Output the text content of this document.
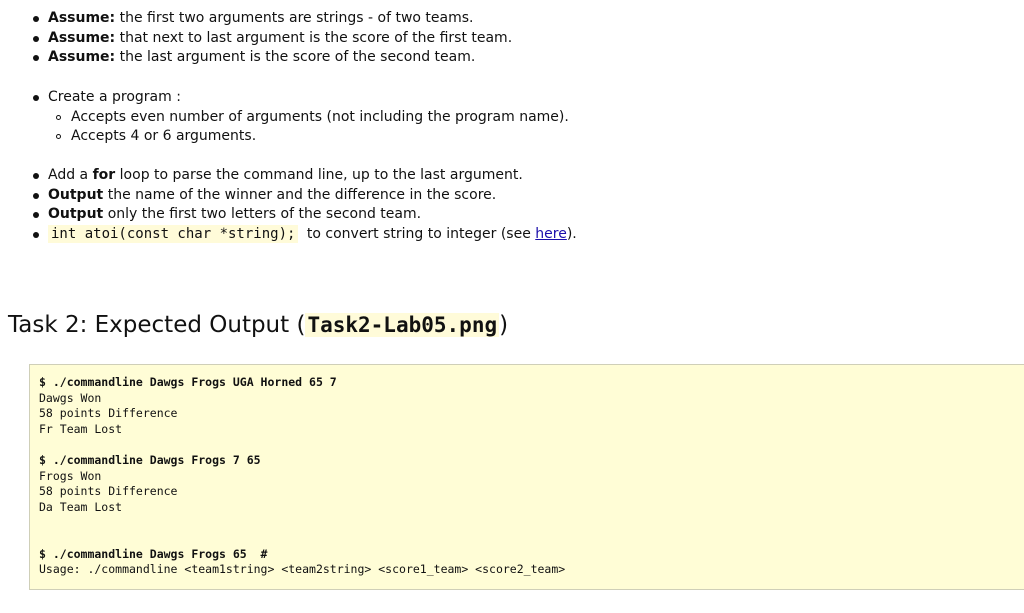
Assume: the first two arguments are strings - of two teams.
Assume: that next to last argument is the score of the first team.
Assume: the last argument is the score of the second team.
Create a program :
Accepts even number of arguments (not including the program name).
Accepts 4 or 6 arguments.
Add a for loop to parse the command line, up to the last argument.
Output the name of the winner and the difference in the score.
Output only the first two letters of the second team.
int atoi(const char *string); to convert string to integer (see here).
Task 2: Expected Output (Task2-Lab05.png)
$ ./commandline Dawgs Frogs UGA Horned 65 7
Dawgs Won
58 points Difference
Fr Team Lost
$ ./commandline Dawgs Frogs 7 65
Frogs Won
58 points Difference
Da Team Lost
$ ./commandline Dawgs Frogs 65  #
Usage: ./commandline <team1string> <team2string> <score1_team> <score2_team>
